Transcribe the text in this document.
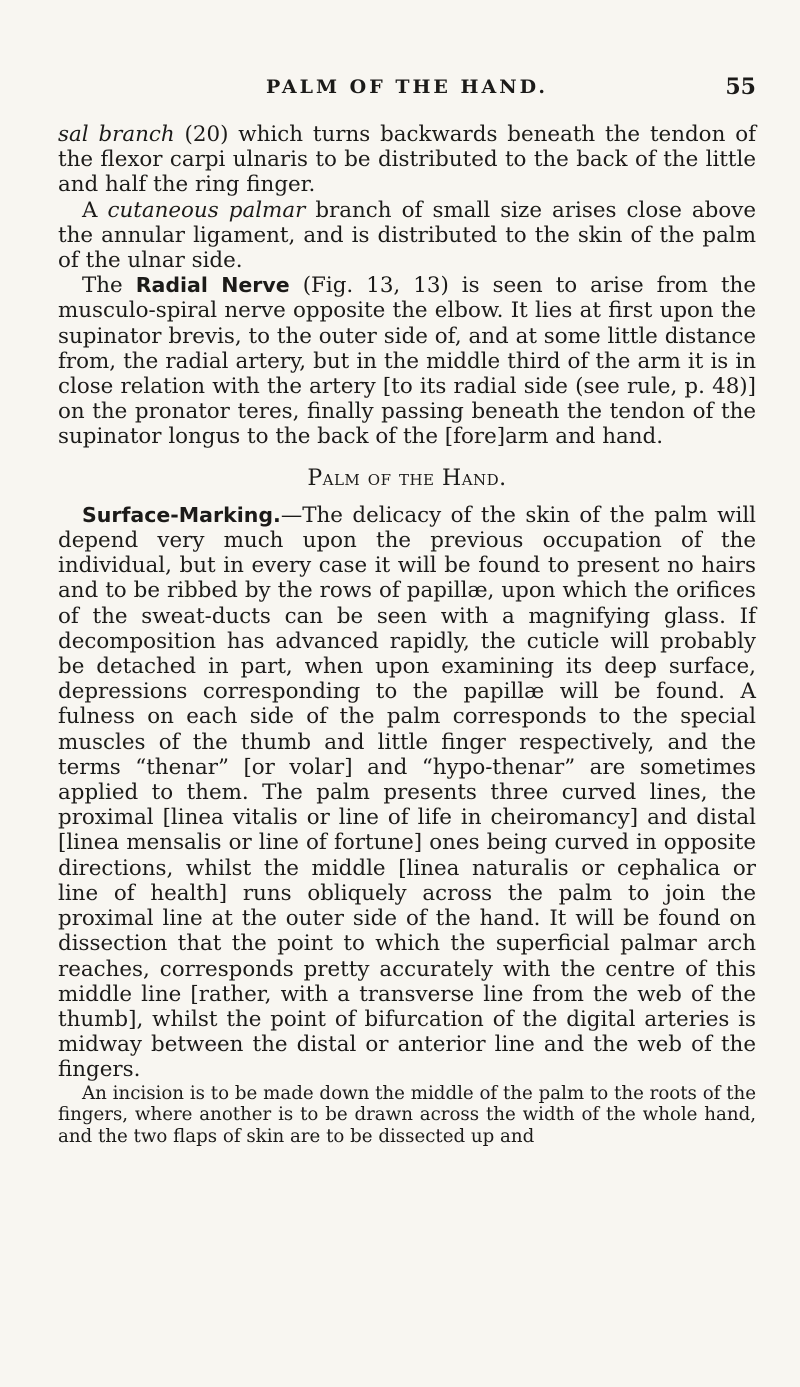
PALM OF THE HAND.	55

sal branch (20) which turns backwards beneath the tendon of the flexor carpi ulnaris to be distributed to the back of the little and half the ring finger.

A cutaneous palmar branch of small size arises close above the annular ligament, and is distributed to the skin of the palm of the ulnar side.

The Radial Nerve (Fig. 13, 13) is seen to arise from the musculo-spiral nerve opposite the elbow. It lies at first upon the supinator brevis, to the outer side of, and at some little distance from, the radial artery, but in the middle third of the arm it is in close relation with the artery [to its radial side (see rule, p. 48)] on the pronator teres, finally passing beneath the tendon of the supinator longus to the back of the [fore]arm and hand.

Palm of the Hand.

Surface-Marking.—The delicacy of the skin of the palm will depend very much upon the previous occupation of the individual, but in every case it will be found to present no hairs and to be ribbed by the rows of papillæ, upon which the orifices of the sweat-ducts can be seen with a magnifying glass. If decomposition has advanced rapidly, the cuticle will probably be detached in part, when upon examining its deep surface, depressions corresponding to the papillæ will be found. A fulness on each side of the palm corresponds to the special muscles of the thumb and little finger respectively, and the terms “thenar” [or volar] and “hypo-thenar” are sometimes applied to them. The palm presents three curved lines, the proximal [linea vitalis or line of life in cheiromancy] and distal [linea mensalis or line of fortune] ones being curved in opposite directions, whilst the middle [linea naturalis or cephalica or line of health] runs obliquely across the palm to join the proximal line at the outer side of the hand. It will be found on dissection that the point to which the superficial palmar arch reaches, corresponds pretty accurately with the centre of this middle line [rather, with a transverse line from the web of the thumb], whilst the point of bifurcation of the digital arteries is midway between the distal or anterior line and the web of the fingers.

An incision is to be made down the middle of the palm to the roots of the fingers, where another is to be drawn across the width of the whole hand, and the two flaps of skin are to be dissected up and
